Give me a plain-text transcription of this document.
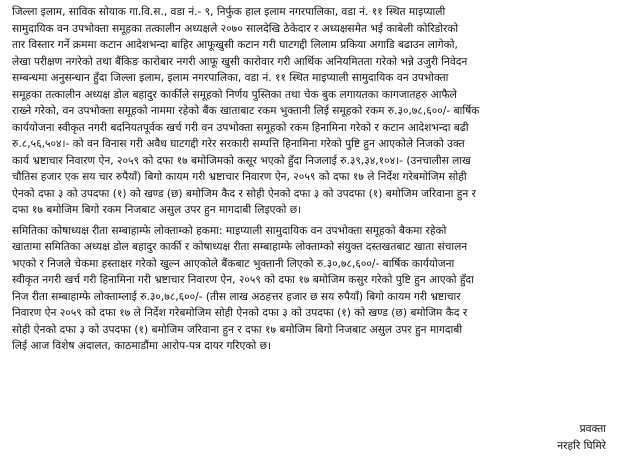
जिल्ला इलाम, साविक सोयाक गा.वि.स., वडा नं.- ९, निर्फुक हाल इलाम नगरपालिका, वडा नं. ११ स्थित माइप्याली
सामुदायिक वन उपभोक्ता समूहका तत्कालीन अध्यक्षले २०७० सालदेखि ठेकेदार र अध्यक्षसमेत भई काबेली कोरिडोरको
तार विस्तार गर्ने क्रममा कटान आदेशभन्दा बाहिर आफूखुसी कटान गरी घाटगद्दी लिलाम प्रकिया अगाडि बढाउन लागेको,
लेखा परीक्षण नगरेको तथा बैंकिङ कारोबार नगरी आफू खुसी कारोवार गरी आर्थिक अनियमितता गरेको भन्ने उजुरी निवेदन
सम्बन्धमा अनुसन्धान हुँदा जिल्ला इलाम, इलाम नगरपालिका, वडा नं. ११ स्थित माइप्याली सामुदायिक वन उपभोक्ता
समूहका तत्कालीन अध्यक्ष डोल बहादुर कार्कीले समूहको निर्णय पुस्तिका तथा चेक बुक लगायतका कागजातहरु आफैले
राख्ने गरेको, वन उपभोक्ता समूहको नाममा रहेको बैंक खाताबाट रकम भुक्तानी लिई समूहको रकम रु.३०,७८,६००/- बार्षिक
कार्ययोजना स्वीकृत नगरी बदनियतपूर्वक खर्च गरी वन उपभोक्ता समूहको रकम हिनामिना गरेको र कटान आदेशभन्दा बढी
रु.८,५६,५०४।- को वन विनास गरी अवैध घाटगद्दी गरेर सरकारी सम्पत्ति हिनामिना गरेको पुष्टि हुन आएकोले निजको उक्त
कार्य भ्रष्टाचार निवारण ऐन, २०५९ को दफा १७ बमोजिमको कसूर भएको हुँदा निजलाई रु.३९,३४,१०४।- (उनचालीस लाख
चौतिस हजार एक सय चार रुपैयाँ) बिगो कायम गरी भ्रष्टाचार निवारण ऐन, २०५९ को दफा १७ ले निर्देश गरेबमोजिम सोही
ऐनको दफा ३ को उपदफा (१) को खण्ड (छ) बमोजिम कैद र सोही ऐनको दफा ३ को उपदफा (१) बमोजिम जरिवाना हुन र
दफा १७ बमोजिम बिगो रकम निजबाट असुल उपर हुन मागदाबी लिइएको छ।
समितिका कोषाध्यक्ष रीता सम्बाहाम्फे लोक्ताम्को हकमा: माइप्याली सामुदायिक वन उपभोक्ता समूहको बैकमा रहेको
खातामा समितिका अध्यक्ष डोल बहादुर कार्की र कोषाध्यक्ष रीता सम्बाहाम्फे लोक्ताम्को संयुक्त दस्तखतबाट खाता संचालन
भएको र निजले चेकमा हस्ताक्षर गरेको खुल्न आएकोले बैंकबाट भुक्तानी लिएको रु.३०,७८,६००/- बार्षिक कार्ययोजना
स्वीकृत नगरी खर्च गरी हिनामिना गरी भ्रष्टाचार निवारण ऐन, २०५९ को दफा १७ बमोजिम कसुर गरेको पुष्टि हुन आएको हुँदा
निज रीता सम्बाहाम्फे लोक्ताम्लाई रु.३०,७८,६००/- (तीस लाख अठहत्तर हजार छ सय रुपैयाँ) बिगो कायम गरी भ्रष्टाचार
निवारण ऐन २०५९ को दफा १७ ले निर्देश गरेबमोजिम सोही ऐनको दफा ३ को उपदफा (१) को खण्ड (छ) बमोजिम कैद र
सोही ऐनको दफा ३ को उपदफा (१) बमोजिम जरिवाना हुन र दफा १७ बमोजिम बिगो निजबाट असुल उपर हुन मागदाबी
लिई आज विशेष अदालत, काठमाडौंमा आरोप-पत्र दायर गरिएको छ।
प्रवक्ता
नरहरि घिमिरे
